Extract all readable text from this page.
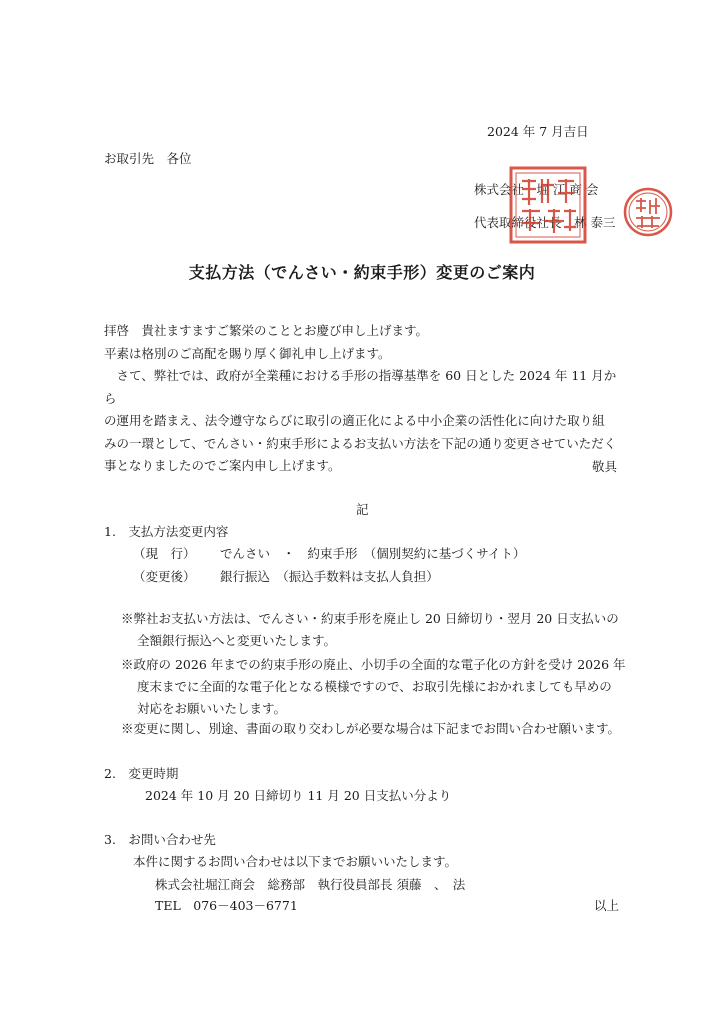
2024 年 7 月吉日
お取引先　各位
株式会社　堀 江 商 会
代表取締役社長　林 泰三
支払方法（でんさい・約束手形）変更のご案内
拝啓　貴社ますますご繁栄のこととお慶び申し上げます。
平素は格別のご高配を賜り厚く御礼申し上げます。
　さて、弊社では、政府が全業種における手形の指導基準を 60 日とした 2024 年 11 月から
の運用を踏まえ、法令遵守ならびに取引の適正化による中小企業の活性化に向けた取り組
みの一環として、でんさい・約束手形によるお支払い方法を下記の通り変更させていただく
事となりましたのでご案内申し上げます。	敬具
記
1.　支払方法変更内容
（現　行） でんさい　・　約束手形　（個別契約に基づくサイト）
（変更後） 銀行振込　（振込手数料は支払人負担）
※弊社お支払い方法は、でんさい・約束手形を廃止し 20 日締切り・翌月 20 日支払いの
全額銀行振込へと変更いたします。
※政府の 2026 年までの約束手形の廃止、小切手の全面的な電子化の方針を受け 2026 年
度末までに全面的な電子化となる模様ですので、お取引先様におかれましても早めの
対応をお願いいたします。
※変更に関し、別途、書面の取り交わしが必要な場合は下記までお問い合わせ願います。
2.　変更時期
2024 年 10 月 20 日締切り 11 月 20 日支払い分より
3.　お問い合わせ先
本件に関するお問い合わせは以下までお願いいたします。
株式会社堀江商会　総務部　執行役員部長 須藤　、　法
TEL　076－403－6771	以上
